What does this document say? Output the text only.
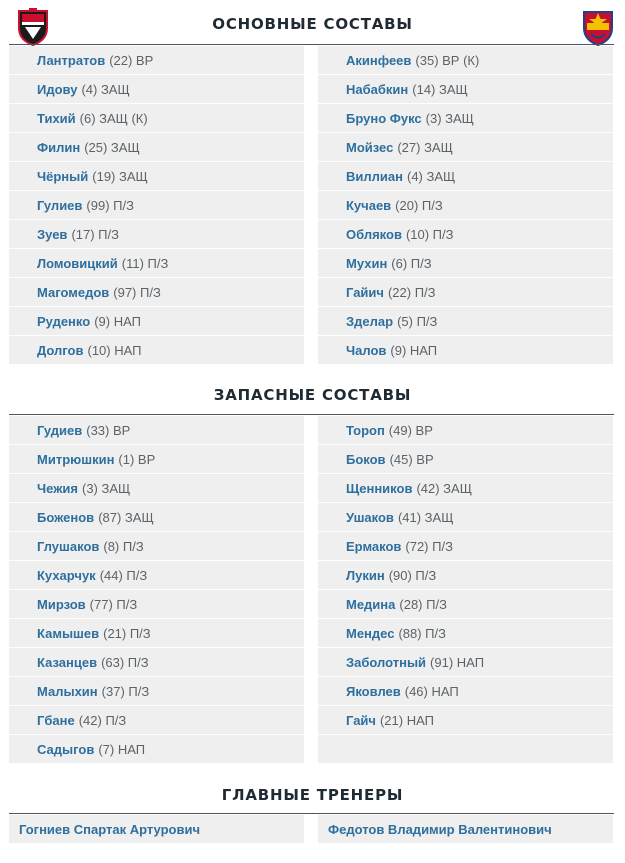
ОСНОВНЫЕ СОСТАВЫ
Лантратов (22) ВР
Идову (4) ЗАЩ
Тихий (6) ЗАЩ (К)
Филин (25) ЗАЩ
Чёрный (19) ЗАЩ
Гулиев (99) П/З
Зуев (17) П/З
Ломовицкий (11) П/З
Магомедов (97) П/З
Руденко (9) НАП
Долгов (10) НАП
Акинфеев (35) ВР (К)
Набабкин (14) ЗАЩ
Бруно Фукс (3) ЗАЩ
Мойзес (27) ЗАЩ
Виллиан (4) ЗАЩ
Кучаев (20) П/З
Обляков (10) П/З
Мухин (6) П/З
Гайич (22) П/З
Зделар (5) П/З
Чалов (9) НАП
ЗАПАСНЫЕ СОСТАВЫ
Гудиев (33) ВР
Митрюшкин (1) ВР
Чежия (3) ЗАЩ
Боженов (87) ЗАЩ
Глушаков (8) П/З
Кухарчук (44) П/З
Мирзов (77) П/З
Камышев (21) П/З
Казанцев (63) П/З
Малыхин (37) П/З
Гбане (42) П/З
Садыгов (7) НАП
Тороп (49) ВР
Боков (45) ВР
Щенников (42) ЗАЩ
Ушаков (41) ЗАЩ
Ермаков (72) П/З
Лукин (90) П/З
Медина (28) П/З
Мендес (88) П/З
Заболотный (91) НАП
Яковлев (46) НАП
Гайч (21) НАП
ГЛАВНЫЕ ТРЕНЕРЫ
Гогниев Спартак Артурович	Федотов Владимир Валентинович
